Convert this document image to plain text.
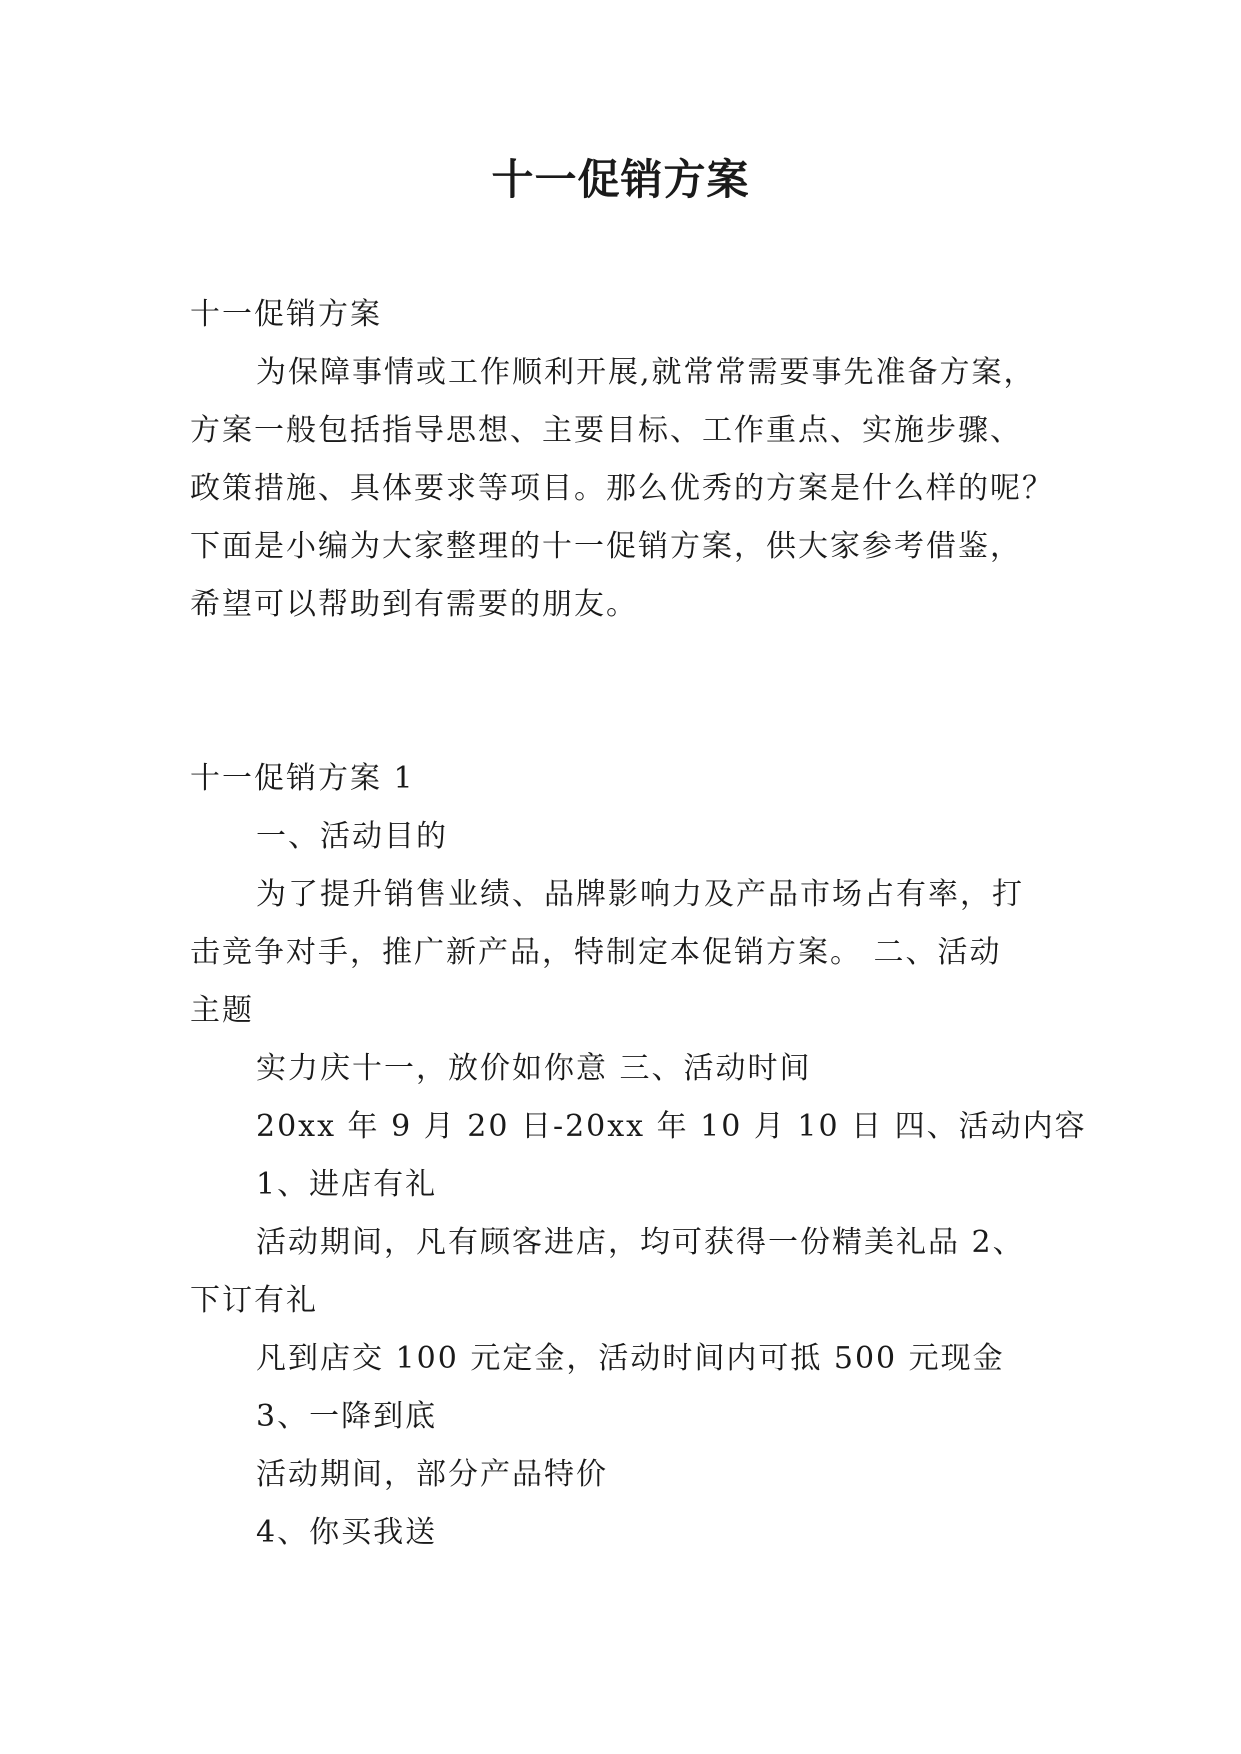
十一促销方案
十一促销方案
为保障事情或工作顺利开展,就常常需要事先准备方案，
方案一般包括指导思想、主要目标、工作重点、实施步骤、
政策措施、具体要求等项目。那么优秀的方案是什么样的呢？
下面是小编为大家整理的十一促销方案，供大家参考借鉴，
希望可以帮助到有需要的朋友。
十一促销方案 1
一、活动目的
为了提升销售业绩、品牌影响力及产品市场占有率，打
击竞争对手，推广新产品，特制定本促销方案。 二、活动
主题
实力庆十一，放价如你意 三、活动时间
20xx 年 9 月 20 日-20xx 年 10 月 10 日 四、活动内容
1、进店有礼
活动期间，凡有顾客进店，均可获得一份精美礼品 2、
下订有礼
凡到店交 100 元定金，活动时间内可抵 500 元现金
3、一降到底
活动期间，部分产品特价
4、你买我送
